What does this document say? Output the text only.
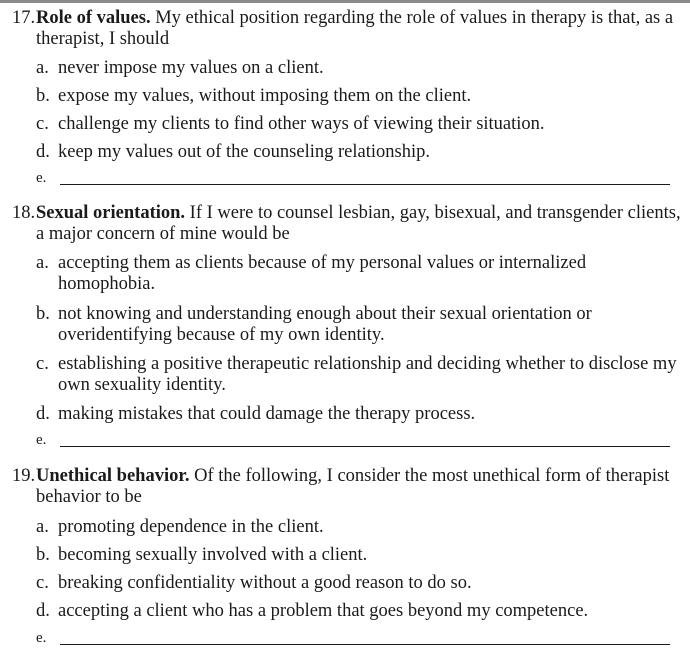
17. Role of values. My ethical position regarding the role of values in therapy is that, as a therapist, I should
a. never impose my values on a client.
b. expose my values, without imposing them on the client.
c. challenge my clients to find other ways of viewing their situation.
d. keep my values out of the counseling relationship.
e.
18. Sexual orientation. If I were to counsel lesbian, gay, bisexual, and transgender clients, a major concern of mine would be
a. accepting them as clients because of my personal values or internalized homophobia.
b. not knowing and understanding enough about their sexual orientation or overidentifying because of my own identity.
c. establishing a positive therapeutic relationship and deciding whether to disclose my own sexuality identity.
d. making mistakes that could damage the therapy process.
e.
19. Unethical behavior. Of the following, I consider the most unethical form of therapist behavior to be
a. promoting dependence in the client.
b. becoming sexually involved with a client.
c. breaking confidentiality without a good reason to do so.
d. accepting a client who has a problem that goes beyond my competence.
e.
